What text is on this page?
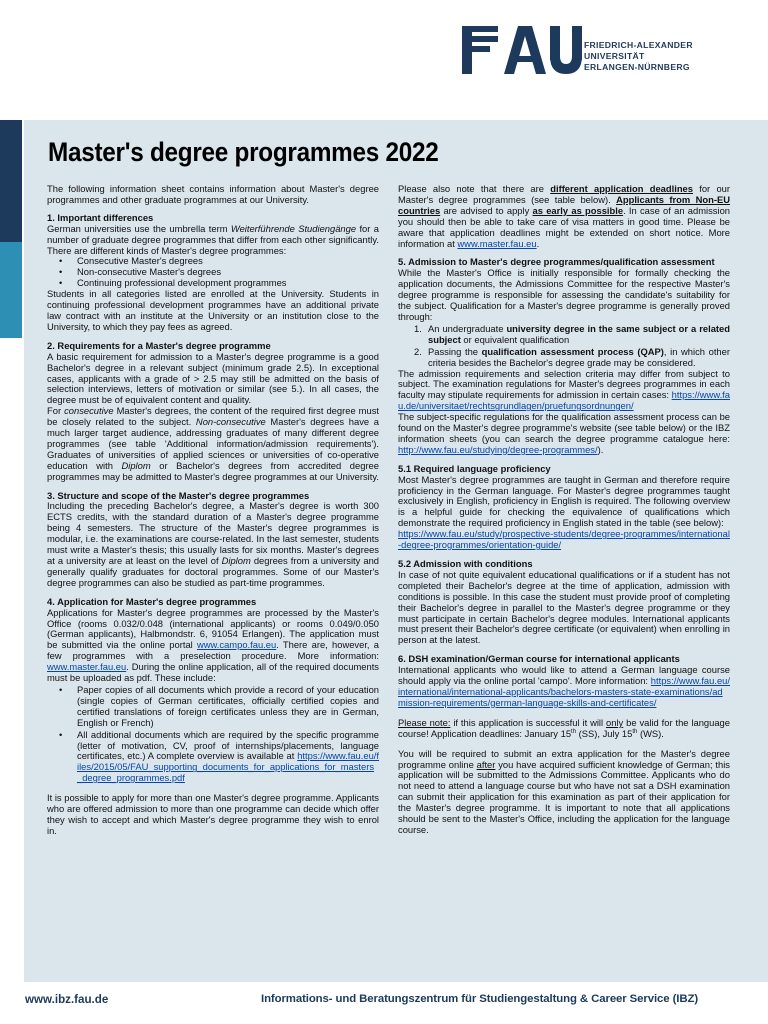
FRIEDRICH-ALEXANDER
UNIVERSITÄT
ERLANGEN-NÜRNBERG
Master's degree programmes 2022

The following information sheet contains information about Master's degree programmes and other graduate programmes at our University.

1. Important differences

German universities use the umbrella term Weiterführende Studiengänge for a number of graduate degree programmes that differ from each other significantly. There are different kinds of Master's degree programmes:

• Consecutive Master's degrees
• Non-consecutive Master's degrees
• Continuing professional development programmes

Students in all categories listed are enrolled at the University. Students in continuing professional development programmes have an additional private law contract with an institute at the University or an institution close to the University, to which they pay fees as agreed.

2. Requirements for a Master's degree programme

A basic requirement for admission to a Master's degree programme is a good Bachelor's degree in a relevant subject (minimum grade 2.5). In exceptional cases, applicants with a grade of > 2.5 may still be admitted on the basis of selection interviews, letters of motivation or similar (see 5.). In all cases, the degree must be of equivalent content and quality.

For consecutive Master's degrees, the content of the required first degree must be closely related to the subject. Non-consecutive Master's degrees have a much larger target audience, addressing graduates of many different degree programmes (see table 'Additional information/admission requirements'). Graduates of universities of applied sciences or universities of co-operative education with Diplom or Bachelor's degrees from accredited degree programmes may be admitted to Master's degree programmes at our University.

3. Structure and scope of the Master's degree programmes

Including the preceding Bachelor's degree, a Master's degree is worth 300 ECTS credits, with the standard duration of a Master's degree programme being 4 semesters. The structure of the Master's degree programmes is modular, i.e. the examinations are course-related. In the last semester, students must write a Master's thesis; this usually lasts for six months. Master's degrees at a university are at least on the level of Diplom degrees from a university and generally qualify graduates for doctoral programmes. Some of our Master's degree programmes can also be studied as part-time programmes.

4. Application for Master's degree programmes

Applications for Master's degree programmes are processed by the Master's Office (rooms 0.032/0.048 (international applicants) or rooms 0.049/0.050 (German applicants), Halbmondstr. 6, 91054 Erlangen). The application must be submitted via the online portal www.campo.fau.eu. There are, however, a few programmes with a preselection procedure. More information: www.master.fau.eu. During the online application, all of the required documents must be uploaded as pdf. These include:

• Paper copies of all documents which provide a record of your education (single copies of German certificates, officially certified copies and certified translations of foreign certificates unless they are in German, English or French)
• All additional documents which are required by the specific programme (letter of motivation, CV, proof of internships/placements, language certificates, etc.) A complete overview is available at https://www.fau.eu/files/2015/05/FAU_supporting_documents_for_applications_for_masters_degree_programmes.pdf

It is possible to apply for more than one Master's degree programme. Applicants who are offered admission to more than one programme can decide which offer they wish to accept and which Master's degree programme they wish to enrol in.

Please also note that there are different application deadlines for our Master's degree programmes (see table below). Applicants from Non-EU countries are advised to apply as early as possible. In case of an admission you should then be able to take care of visa matters in good time. Please be aware that application deadlines might be extended on short notice. More information at www.master.fau.eu.

5. Admission to Master's degree programmes/qualification assessment

While the Master's Office is initially responsible for formally checking the application documents, the Admissions Committee for the respective Master's degree programme is responsible for assessing the candidate's suitability for the subject. Qualification for a Master's degree programme is generally proved through:

1. An undergraduate university degree in the same subject or a related subject or equivalent qualification
2. Passing the qualification assessment process (QAP), in which other criteria besides the Bachelor's degree grade may be considered.

The admission requirements and selection criteria may differ from subject to subject. The examination regulations for Master's degrees programmes in each faculty may stipulate requirements for admission in certain cases: https://www.fau.de/universitaet/rechtsgrundlagen/pruefungsordnungen/

The subject-specific regulations for the qualification assessment process can be found on the Master's degree programme's website (see table below) or the IBZ information sheets (you can search the degree programme catalogue here: http://www.fau.eu/studying/degree-programmes/).

5.1 Required language proficiency

Most Master's degree programmes are taught in German and therefore require proficiency in the German language. For Master's degree programmes taught exclusively in English, proficiency in English is required. The following overview is a helpful guide for checking the equivalence of qualifications which demonstrate the required proficiency in English stated in the table (see below):

https://www.fau.eu/study/prospective-students/degree-programmes/international-degree-programmes/orientation-guide/

5.2 Admission with conditions

In case of not quite equivalent educational qualifications or if a student has not completed their Bachelor's degree at the time of application, admission with conditions is possible. In this case the student must provide proof of completing their Bachelor's degree in parallel to the Master's degree programme or they must participate in certain Bachelor's degree modules. International applicants must present their Bachelor's degree certificate (or equivalent) when enrolling in person at the latest.

6. DSH examination/German course for international applicants

International applicants who would like to attend a German language course should apply via the online portal 'campo'. More information: https://www.fau.eu/international/international-applicants/bachelors-masters-state-examinations/admission-requirements/german-language-skills-and-certificates/

Please note: if this application is successful it will only be valid for the language course! Application deadlines: January 15th (SS), July 15th (WS).

You will be required to submit an extra application for the Master's degree programme online after you have acquired sufficient knowledge of German; this application will be submitted to the Admissions Committee. Applicants who do not need to attend a language course but who have not sat a DSH examination can submit their application for this examination as part of their application for the Master's degree programme. It is important to note that all applications should be sent to the Master's Office, including the application for the language course.

www.ibz.fau.de	Informations- und Beratungszentrum für Studiengestaltung & Career Service (IBZ)
